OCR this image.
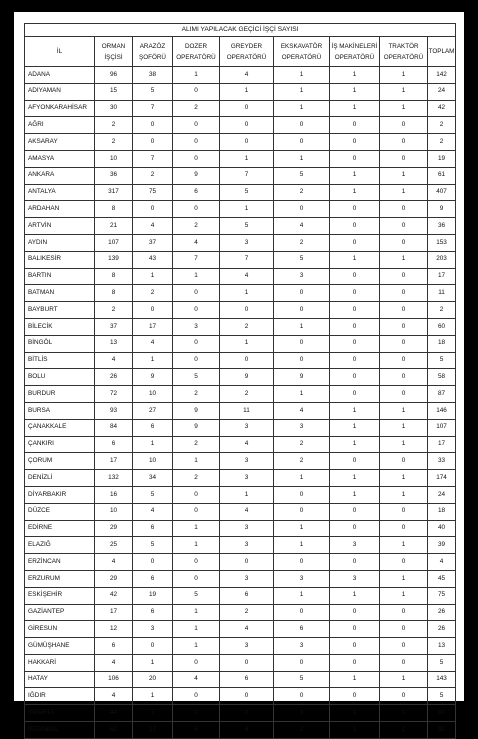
ALIMI YAPILACAK GEÇİCİ İŞÇİ SAYISI								
İL	ORMAN İŞÇİSİ	ARAZÖZ ŞOFÖRÜ	DOZER OPERATÖRÜ	GREYDER OPERATÖRÜ	EKSKAVATÖR OPERATÖRÜ	İŞ MAKİNELERİ OPERATÖRÜ	TRAKTÖR OPERATÖRÜ	TOPLAM
ADANA	96	38	1	4	1	1	1	142
ADIYAMAN	15	5	0	1	1	1	1	24
AFYONKARAHİSAR	30	7	2	0	1	1	1	42
AĞRI	2	0	0	0	0	0	0	2
AKSARAY	2	0	0	0	0	0	0	2
AMASYA	10	7	0	1	1	0	0	19
ANKARA	36	2	9	7	5	1	1	61
ANTALYA	317	75	6	5	2	1	1	407
ARDAHAN	8	0	0	1	0	0	0	9
ARTVİN	21	4	2	5	4	0	0	36
AYDIN	107	37	4	3	2	0	0	153
BALIKESİR	139	43	7	7	5	1	1	203
BARTIN	8	1	1	4	3	0	0	17
BATMAN	8	2	0	1	0	0	0	11
BAYBURT	2	0	0	0	0	0	0	2
BİLECİK	37	17	3	2	1	0	0	60
BİNGÖL	13	4	0	1	0	0	0	18
BİTLİS	4	1	0	0	0	0	0	5
BOLU	26	9	5	9	9	0	0	58
BURDUR	72	10	2	2	1	0	0	87
BURSA	93	27	9	11	4	1	1	146
ÇANAKKALE	84	6	9	3	3	1	1	107
ÇANKIRI	6	1	2	4	2	1	1	17
ÇORUM	17	10	1	3	2	0	0	33
DENİZLİ	132	34	2	3	1	1	1	174
DİYARBAKIR	16	5	0	1	0	1	1	24
DÜZCE	10	4	0	4	0	0	0	18
EDİRNE	29	6	1	3	1	0	0	40
ELAZIĞ	25	5	1	3	1	3	1	39
ERZİNCAN	4	0	0	0	0	0	0	4
ERZURUM	29	6	0	3	3	3	1	45
ESKİŞEHİR	42	19	5	6	1	1	1	75
GAZİANTEP	17	6	1	2	0	0	0	26
GİRESUN	12	3	1	4	6	0	0	26
GÜMÜŞHANE	6	0	1	3	3	0	0	13
HAKKARİ	4	1	0	0	0	0	0	5
HATAY	106	20	4	6	5	1	1	143
IĞDIR	4	1	0	0	0	0	0	5
ISPARTA	44	7	2	2	3	1	1	60
İSTANBUL	62	17	5	4	2	1	1	92
